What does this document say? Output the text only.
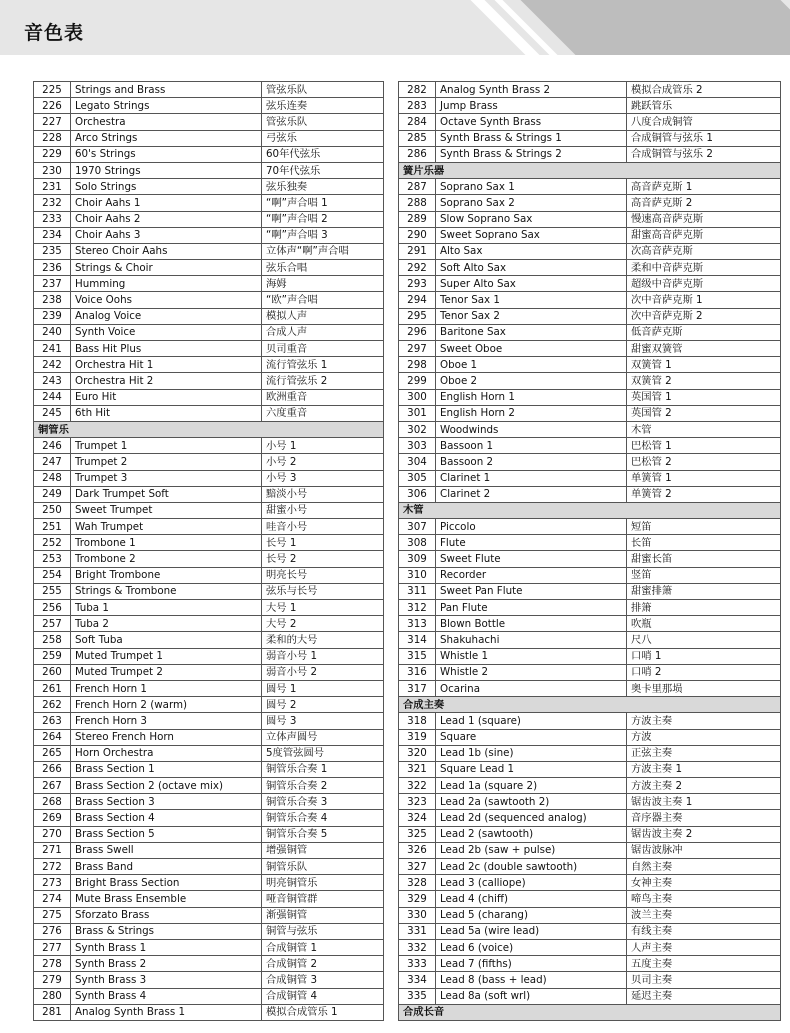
音色表
225	Strings and Brass	管弦乐队
226	Legato Strings	弦乐连奏
227	Orchestra	管弦乐队
228	Arco Strings	弓弦乐
229	60's Strings	60年代弦乐
230	1970 Strings	70年代弦乐
231	Solo Strings	弦乐独奏
232	Choir Aahs 1	“啊”声合唱 1
233	Choir Aahs 2	“啊”声合唱 2
234	Choir Aahs 3	“啊”声合唱 3
235	Stereo Choir Aahs	立体声“啊”声合唱
236	Strings & Choir	弦乐合唱
237	Humming	海姆
238	Voice Oohs	“欧”声合唱
239	Analog Voice	模拟人声
240	Synth Voice	合成人声
241	Bass Hit Plus	贝司重音
242	Orchestra Hit 1	流行管弦乐 1
243	Orchestra Hit 2	流行管弦乐 2
244	Euro Hit	欧洲重音
245	6th Hit	六度重音
铜管乐		
246	Trumpet 1	小号 1
247	Trumpet 2	小号 2
248	Trumpet 3	小号 3
249	Dark Trumpet Soft	黯淡小号
250	Sweet Trumpet	甜蜜小号
251	Wah Trumpet	哇音小号
252	Trombone 1	长号 1
253	Trombone 2	长号 2
254	Bright Trombone	明亮长号
255	Strings & Trombone	弦乐与长号
256	Tuba 1	大号 1
257	Tuba 2	大号 2
258	Soft Tuba	柔和的大号
259	Muted Trumpet 1	弱音小号 1
260	Muted Trumpet 2	弱音小号 2
261	French Horn 1	圆号 1
262	French Horn 2 (warm)	圆号 2
263	French Horn 3	圆号 3
264	Stereo French Horn	立体声圆号
265	Horn Orchestra	5度管弦圆号
266	Brass Section 1	铜管乐合奏 1
267	Brass Section 2 (octave mix)	铜管乐合奏 2
268	Brass Section 3	铜管乐合奏 3
269	Brass Section 4	铜管乐合奏 4
270	Brass Section 5	铜管乐合奏 5
271	Brass Swell	增强铜管
272	Brass Band	铜管乐队
273	Bright Brass Section	明亮铜管乐
274	Mute Brass Ensemble	哑音铜管群
275	Sforzato Brass	渐强铜管
276	Brass & Strings	铜管与弦乐
277	Synth Brass 1	合成铜管 1
278	Synth Brass 2	合成铜管 2
279	Synth Brass 3	合成铜管 3
280	Synth Brass 4	合成铜管 4
281	Analog Synth Brass 1	模拟合成管乐 1
282	Analog Synth Brass 2	模拟合成管乐 2
283	Jump Brass	跳跃管乐
284	Octave Synth Brass	八度合成铜管
285	Synth Brass & Strings 1	合成铜管与弦乐 1
286	Synth Brass & Strings 2	合成铜管与弦乐 2
簧片乐器		
287	Soprano Sax 1	高音萨克斯 1
288	Soprano Sax 2	高音萨克斯 2
289	Slow Soprano Sax	慢速高音萨克斯
290	Sweet Soprano Sax	甜蜜高音萨克斯
291	Alto Sax	次高音萨克斯
292	Soft Alto Sax	柔和中音萨克斯
293	Super Alto Sax	超级中音萨克斯
294	Tenor Sax 1	次中音萨克斯 1
295	Tenor Sax 2	次中音萨克斯 2
296	Baritone Sax	低音萨克斯
297	Sweet Oboe	甜蜜双簧管
298	Oboe 1	双簧管 1
299	Oboe 2	双簧管 2
300	English Horn 1	英国管 1
301	English Horn 2	英国管 2
302	Woodwinds	木管
303	Bassoon 1	巴松管 1
304	Bassoon 2	巴松管 2
305	Clarinet 1	单簧管 1
306	Clarinet 2	单簧管 2
木管		
307	Piccolo	短笛
308	Flute	长笛
309	Sweet Flute	甜蜜长笛
310	Recorder	竖笛
311	Sweet Pan Flute	甜蜜排箫
312	Pan Flute	排箫
313	Blown Bottle	吹瓶
314	Shakuhachi	尺八
315	Whistle 1	口哨 1
316	Whistle 2	口哨 2
317	Ocarina	奥卡里那埙
合成主奏		
318	Lead 1 (square)	方波主奏
319	Square	方波
320	Lead 1b (sine)	正弦主奏
321	Square Lead 1	方波主奏 1
322	Lead 1a (square 2)	方波主奏 2
323	Lead 2a (sawtooth 2)	锯齿波主奏 1
324	Lead 2d (sequenced analog)	音序器主奏
325	Lead 2 (sawtooth)	锯齿波主奏 2
326	Lead 2b (saw + pulse)	锯齿波脉冲
327	Lead 2c (double sawtooth)	自然主奏
328	Lead 3 (calliope)	女神主奏
329	Lead 4 (chiff)	啼鸟主奏
330	Lead 5 (charang)	波兰主奏
331	Lead 5a (wire lead)	有线主奏
332	Lead 6 (voice)	人声主奏
333	Lead 7 (fifths)	五度主奏
334	Lead 8 (bass + lead)	贝司主奏
335	Lead 8a (soft wrl)	延迟主奏
合成长音		
